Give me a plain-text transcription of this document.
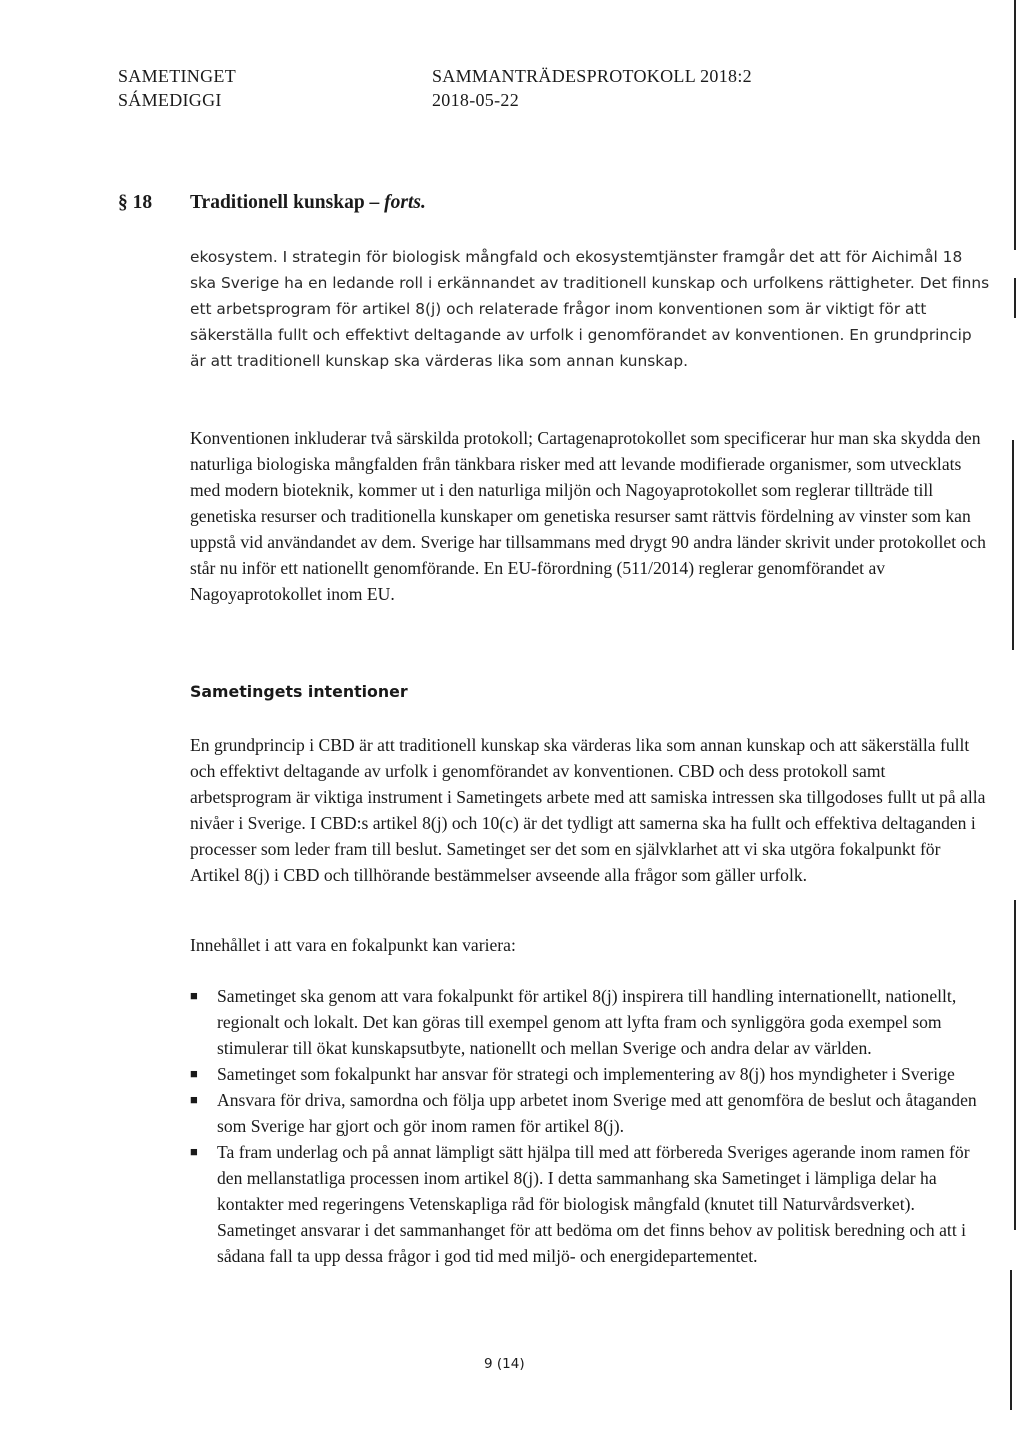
SAMETINGET
SÁMEDIGGI
SAMMANTRÄDESPROTOKOLL 2018:2
2018-05-22
§ 18 Traditionell kunskap – forts.
ekosystem. I strategin för biologisk mångfald och ekosystemtjänster framgår det att för Aichimål 18 ska Sverige ha en ledande roll i erkännandet av traditionell kunskap och urfolkens rättigheter. Det finns ett arbetsprogram för artikel 8(j) och relaterade frågor inom konventionen som är viktigt för att säkerställa fullt och effektivt deltagande av urfolk i genomförandet av konventionen. En grundprincip är att traditionell kunskap ska värderas lika som annan kunskap.
Konventionen inkluderar två särskilda protokoll; Cartagenaprotokollet som specificerar hur man ska skydda den naturliga biologiska mångfalden från tänkbara risker med att levande modifierade organismer, som utvecklats med modern bioteknik, kommer ut i den naturliga miljön och Nagoyaprotokollet som reglerar tillträde till genetiska resurser och traditionella kunskaper om genetiska resurser samt rättvis fördelning av vinster som kan uppstå vid användandet av dem. Sverige har tillsammans med drygt 90 andra länder skrivit under protokollet och står nu inför ett nationellt genomförande. En EU-förordning (511/2014) reglerar genomförandet av Nagoyaprotokollet inom EU.
Sametingets intentioner
En grundprincip i CBD är att traditionell kunskap ska värderas lika som annan kunskap och att säkerställa fullt och effektivt deltagande av urfolk i genomförandet av konventionen. CBD och dess protokoll samt arbetsprogram är viktiga instrument i Sametingets arbete med att samiska intressen ska tillgodoses fullt ut på alla nivåer i Sverige. I CBD:s artikel 8(j) och 10(c) är det tydligt att samerna ska ha fullt och effektiva deltaganden i processer som leder fram till beslut. Sametinget ser det som en självklarhet att vi ska utgöra fokalpunkt för Artikel 8(j) i CBD och tillhörande bestämmelser avseende alla frågor som gäller urfolk.
Innehållet i att vara en fokalpunkt kan variera:
■ Sametinget ska genom att vara fokalpunkt för artikel 8(j) inspirera till handling internationellt, nationellt, regionalt och lokalt. Det kan göras till exempel genom att lyfta fram och synliggöra goda exempel som stimulerar till ökat kunskapsutbyte, nationellt och mellan Sverige och andra delar av världen.
■ Sametinget som fokalpunkt har ansvar för strategi och implementering av 8(j) hos myndigheter i Sverige
■ Ansvara för driva, samordna och följa upp arbetet inom Sverige med att genomföra de beslut och åtaganden som Sverige har gjort och gör inom ramen för artikel 8(j).
■ Ta fram underlag och på annat lämpligt sätt hjälpa till med att förbereda Sveriges agerande inom ramen för den mellanstatliga processen inom artikel 8(j). I detta sammanhang ska Sametinget i lämpliga delar ha kontakter med regeringens Vetenskapliga råd för biologisk mångfald (knutet till Naturvårdsverket). Sametinget ansvarar i det sammanhanget för att bedöma om det finns behov av politisk beredning och att i sådana fall ta upp dessa frågor i god tid med miljö- och energidepartementet.
9 (14)
